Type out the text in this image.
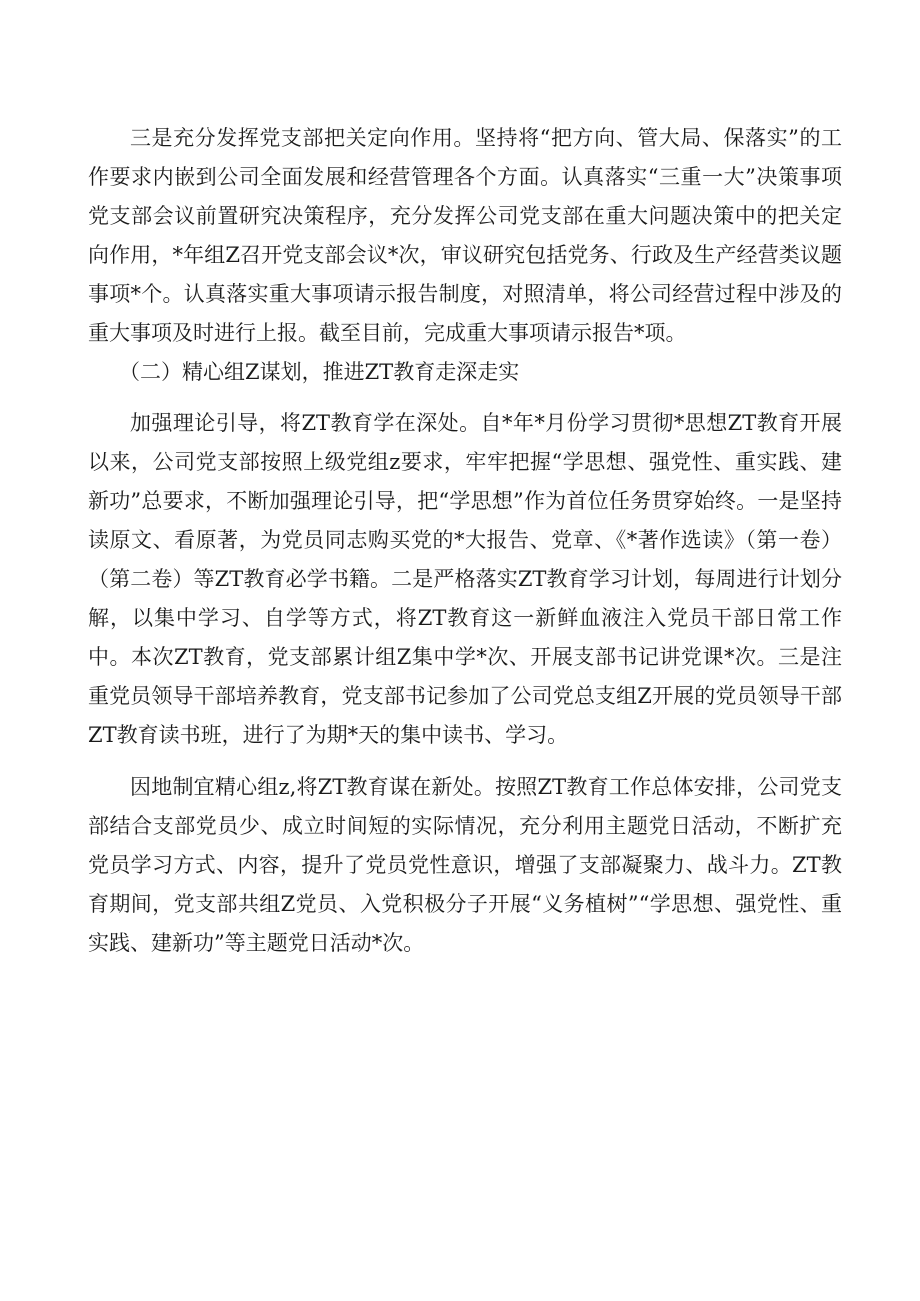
三是充分发挥党支部把关定向作用。坚持将“把方向、管大局、保落实”的工作要求内嵌到公司全面发展和经营管理各个方面。认真落实“三重一大”决策事项党支部会议前置研究决策程序，充分发挥公司党支部在重大问题决策中的把关定向作用，*年组Z召开党支部会议*次，审议研究包括党务、行政及生产经营类议题事项*个。认真落实重大事项请示报告制度，对照清单，将公司经营过程中涉及的重大事项及时进行上报。截至目前，完成重大事项请示报告*项。

（二）精心组Z谋划，推进ZT教育走深走实

加强理论引导，将ZT教育学在深处。自*年*月份学习贯彻*思想ZT教育开展以来，公司党支部按照上级党组z要求，牢牢把握“学思想、强党性、重实践、建新功”总要求，不断加强理论引导，把“学思想”作为首位任务贯穿始终。一是坚持读原文、看原著，为党员同志购买党的*大报告、党章、《*著作选读》（第一卷）（第二卷）等ZT教育必学书籍。二是严格落实ZT教育学习计划，每周进行计划分解，以集中学习、自学等方式，将ZT教育这一新鲜血液注入党员干部日常工作中。本次ZT教育，党支部累计组Z集中学*次、开展支部书记讲党课*次。三是注重党员领导干部培养教育，党支部书记参加了公司党总支组Z开展的党员领导干部ZT教育读书班，进行了为期*天的集中读书、学习。

因地制宜精心组z,将ZT教育谋在新处。按照ZT教育工作总体安排，公司党支部结合支部党员少、成立时间短的实际情况，充分利用主题党日活动，不断扩充党员学习方式、内容，提升了党员党性意识，增强了支部凝聚力、战斗力。ZT教育期间，党支部共组Z党员、入党积极分子开展“义务植树”“学思想、强党性、重实践、建新功”等主题党日活动*次。
